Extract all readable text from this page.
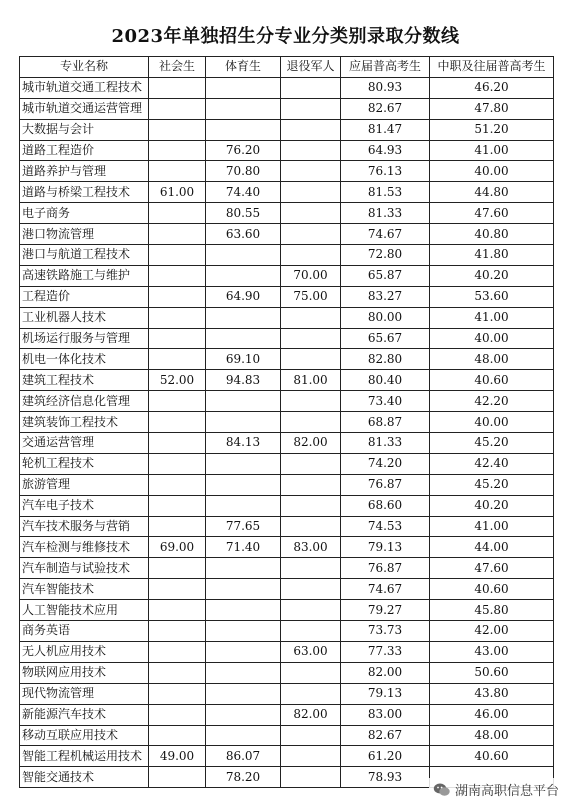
2023年单独招生分专业分类别录取分数线
专业名称	社会生	体育生	退役军人	应届普高考生	中职及往届普高考生
城市轨道交通工程技术				80.93	46.20
城市轨道交通运营管理				82.67	47.80
大数据与会计				81.47	51.20
道路工程造价		76.20		64.93	41.00
道路养护与管理		70.80		76.13	40.00
道路与桥梁工程技术	61.00	74.40		81.53	44.80
电子商务		80.55		81.33	47.60
港口物流管理		63.60		74.67	40.80
港口与航道工程技术				72.80	41.80
高速铁路施工与维护			70.00	65.87	40.20
工程造价		64.90	75.00	83.27	53.60
工业机器人技术				80.00	41.00
机场运行服务与管理				65.67	40.00
机电一体化技术		69.10		82.80	48.00
建筑工程技术	52.00	94.83	81.00	80.40	40.60
建筑经济信息化管理				73.40	42.20
建筑装饰工程技术				68.87	40.00
交通运营管理		84.13	82.00	81.33	45.20
轮机工程技术				74.20	42.40
旅游管理				76.87	45.20
汽车电子技术				68.60	40.20
汽车技术服务与营销		77.65		74.53	41.00
汽车检测与维修技术	69.00	71.40	83.00	79.13	44.00
汽车制造与试验技术				76.87	47.60
汽车智能技术				74.67	40.60
人工智能技术应用				79.27	45.80
商务英语				73.73	42.00
无人机应用技术			63.00	77.33	43.00
物联网应用技术				82.00	50.60
现代物流管理				79.13	43.80
新能源汽车技术			82.00	83.00	46.00
移动互联应用技术				82.67	48.00
智能工程机械运用技术	49.00	86.07		61.20	40.60
智能交通技术		78.20		78.93	
湖南高职信息平台
